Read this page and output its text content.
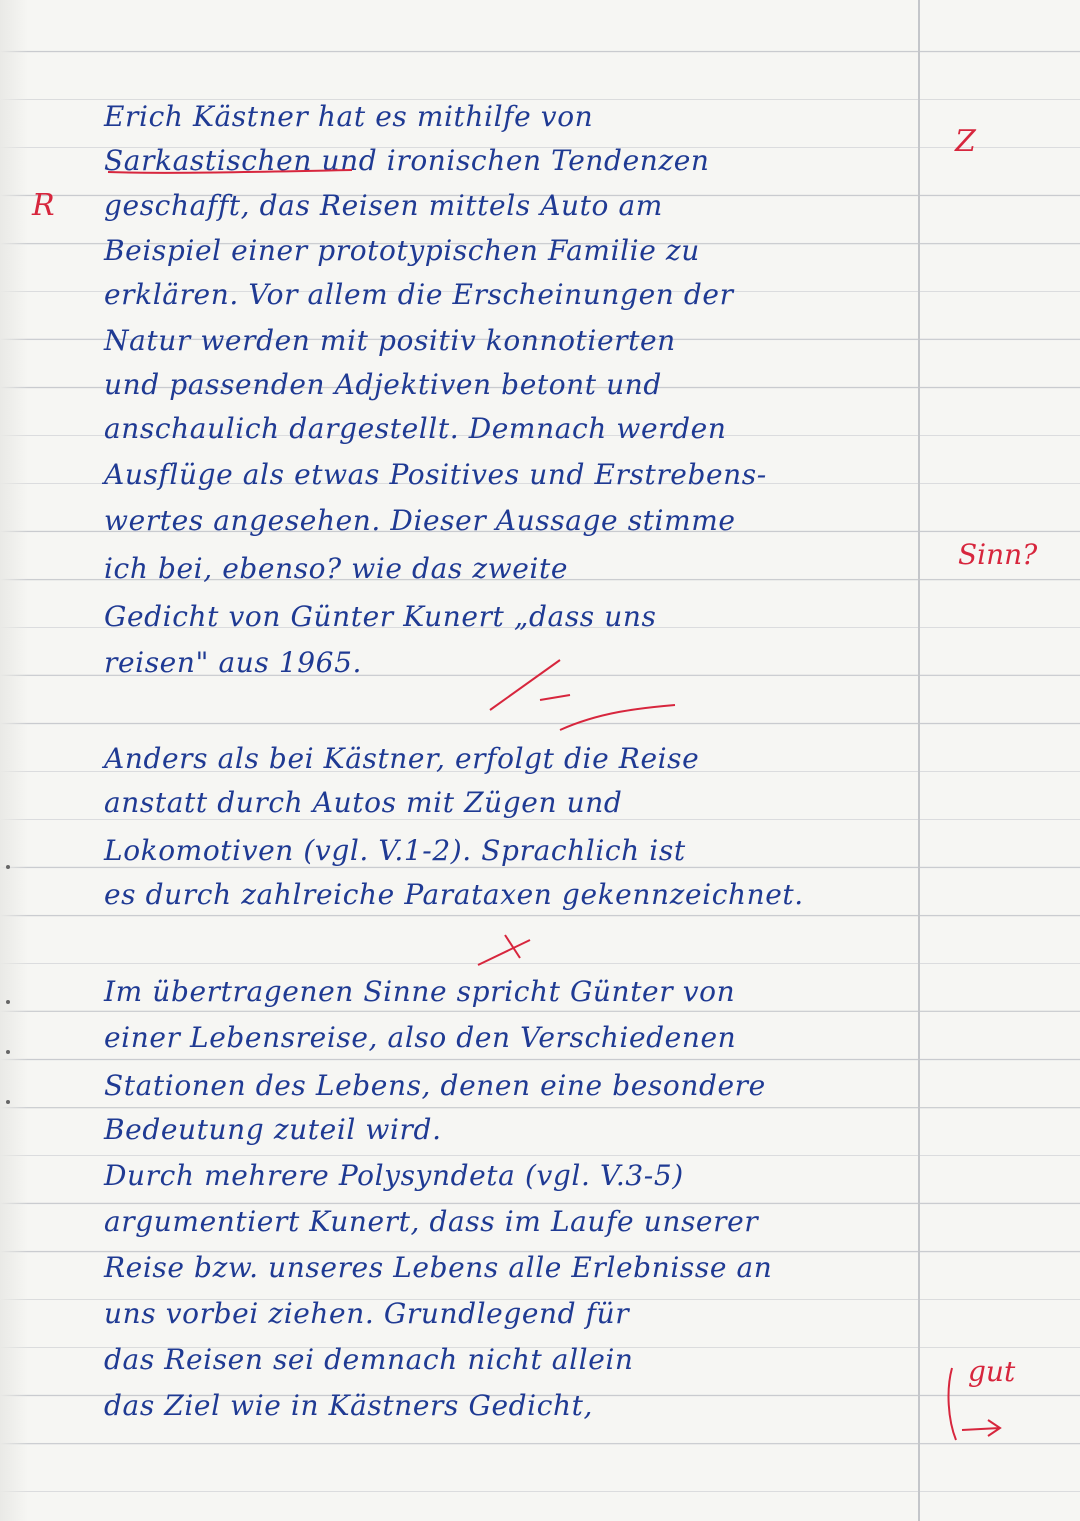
Erich Kästner hat es mithilfe von
Sarkastischen und ironischen Tendenzen
geschafft, das Reisen mittels Auto am
Beispiel einer prototypischen Familie zu
erklären. Vor allem die Erscheinungen der
Natur werden mit positiv konnotierten
und passenden Adjektiven betont und
anschaulich dargestellt. Demnach werden
Ausflüge als etwas Positives und Erstrebens-
wertes angesehen. Dieser Aussage stimme
ich bei, ebenso? wie das zweite
Gedicht von Günter Kunert „dass uns
reisen" aus 1965.
Anders als bei Kästner, erfolgt die Reise
anstatt durch Autos mit Zügen und
Lokomotiven (vgl. V.1-2). Sprachlich ist
es durch zahlreiche Parataxen gekennzeichnet.
Im übertragenen Sinne spricht Günter von
einer Lebensreise, also den Verschiedenen
Stationen des Lebens, denen eine besondere
Bedeutung zuteil wird.
Durch mehrere Polysyndeta (vgl. V.3-5)
argumentiert Kunert, dass im Laufe unserer
Reise bzw. unseres Lebens alle Erlebnisse an
uns vorbei ziehen. Grundlegend für
das Reisen sei demnach nicht allein
das Ziel wie in Kästners Gedicht,
R
Z
Sinn?
gut
